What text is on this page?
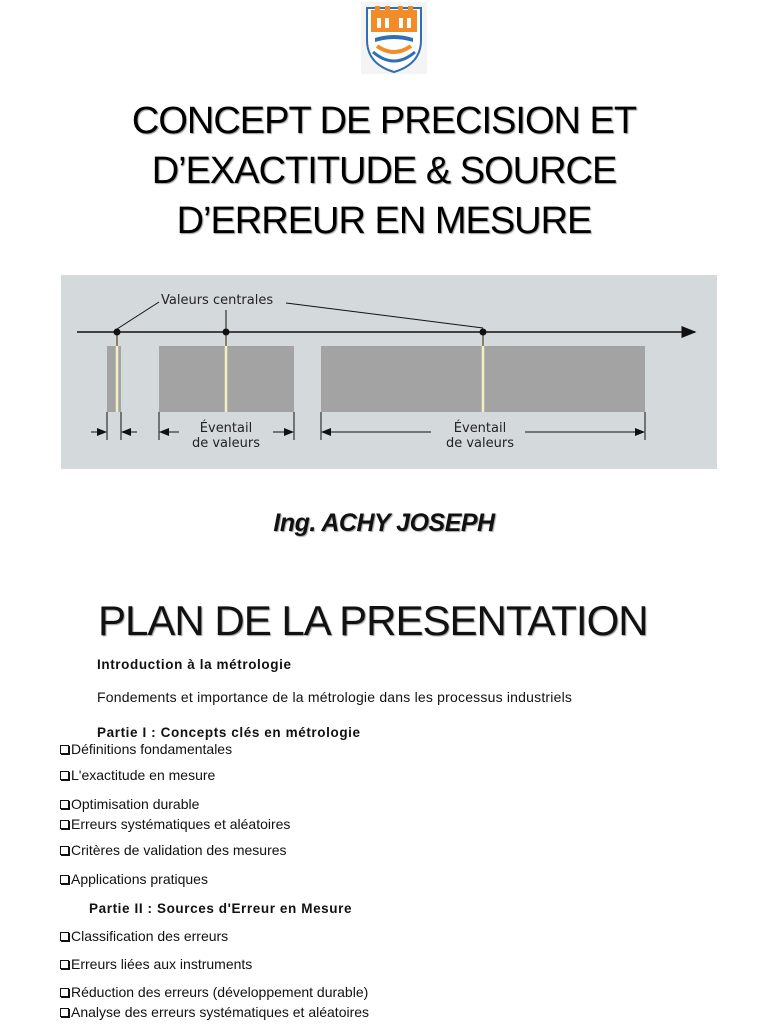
CONCEPT DE PRECISION ET
D’EXACTITUDE & SOURCE
D’ERREUR EN MESURE
Valeurs centrales
Éventail
de valeurs
Éventail
de valeurs
Ing. ACHY JOSEPH
PLAN DE LA PRESENTATION
Introduction à la métrologie
Fondements et importance de la métrologie dans les processus industriels
Partie I : Concepts clés en métrologie
Définitions fondamentales
L'exactitude en mesure
Optimisation durable
Erreurs systématiques et aléatoires
Critères de validation des mesures
Applications pratiques
Partie II : Sources d'Erreur en Mesure
Classification des erreurs
Erreurs liées aux instruments
Réduction des erreurs (développement durable)
Analyse des erreurs systématiques et aléatoires
